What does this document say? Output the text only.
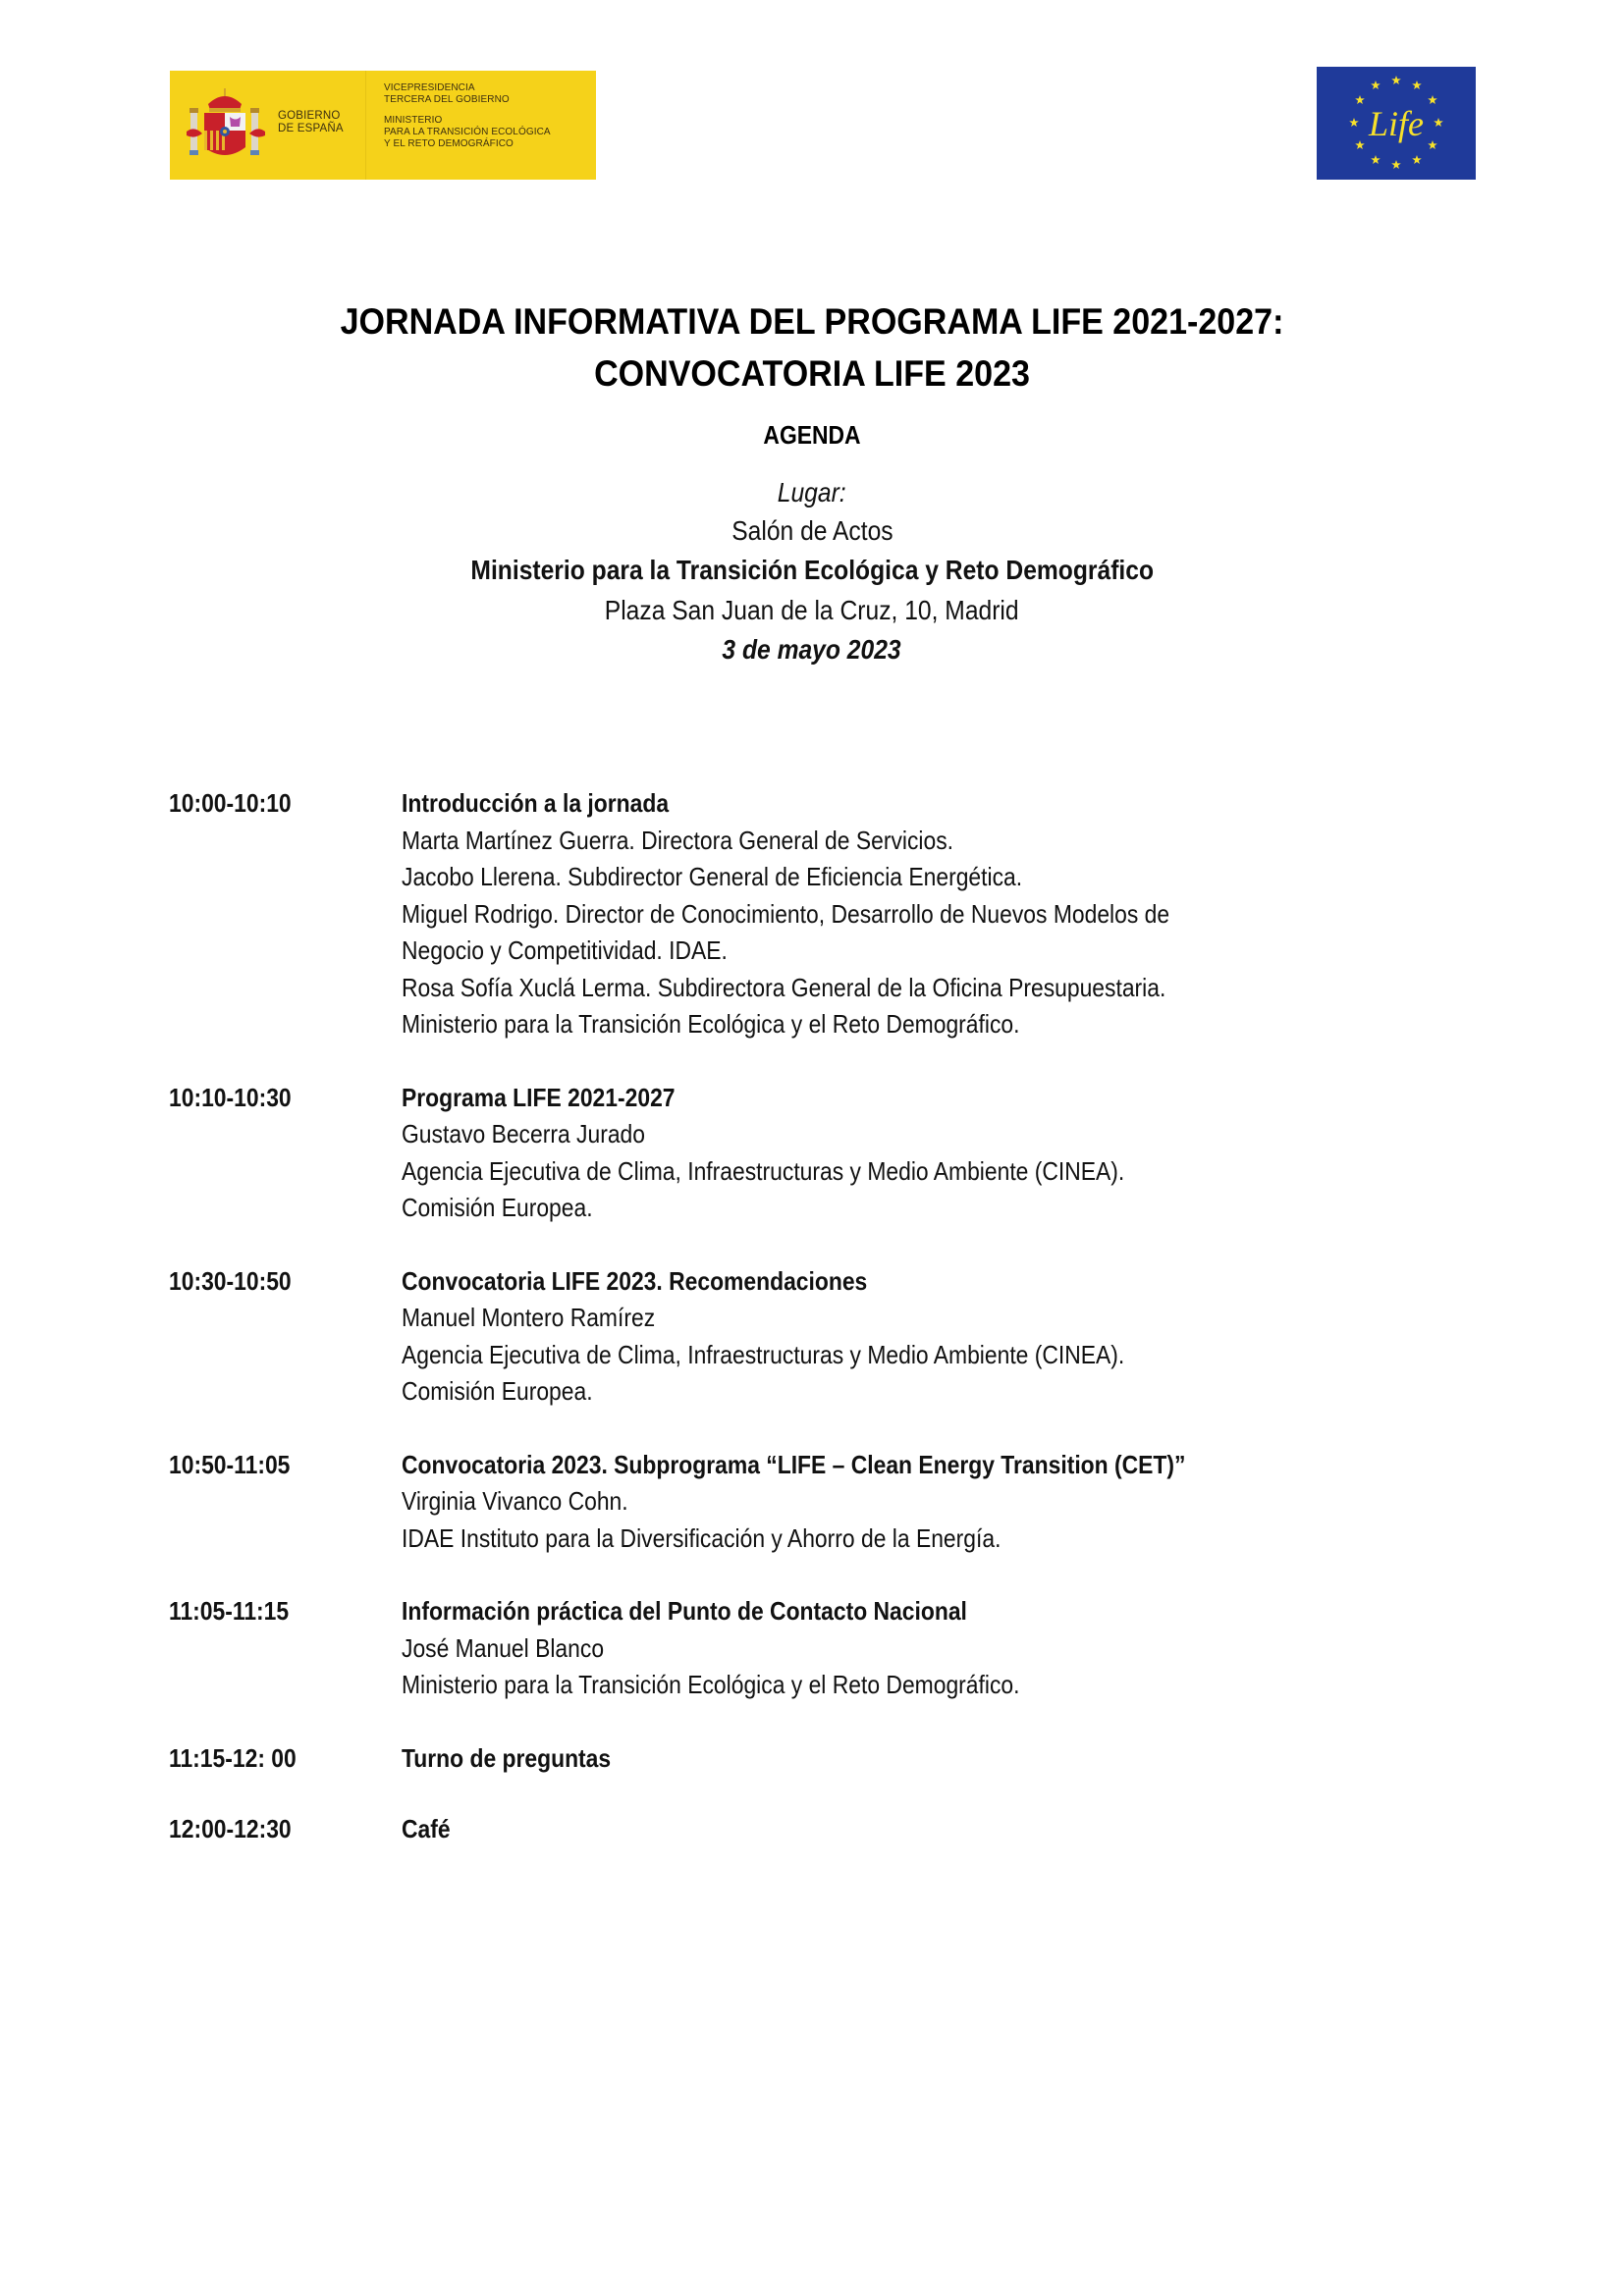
GOBIERNO
DE ESPAÑA
VICEPRESIDENCIA
TERCERA DEL GOBIERNO
MINISTERIO
PARA LA TRANSICIÓN ECOLÓGICA
Y EL RETO DEMOGRÁFICO
Life
JORNADA INFORMATIVA DEL PROGRAMA LIFE 2021-2027:
CONVOCATORIA LIFE 2023
AGENDA
Lugar:
Salón de Actos
Ministerio para la Transición Ecológica y Reto Demográfico
Plaza San Juan de la Cruz, 10, Madrid
3 de mayo 2023
10:00-10:10	Introducción a la jornada
Marta Martínez Guerra. Directora General de Servicios.
Jacobo Llerena. Subdirector General de Eficiencia Energética.
Miguel Rodrigo. Director de Conocimiento, Desarrollo de Nuevos Modelos de
Negocio y Competitividad. IDAE.
Rosa Sofía Xuclá Lerma. Subdirectora General de la Oficina Presupuestaria.
Ministerio para la Transición Ecológica y el Reto Demográfico.
10:10-10:30	Programa LIFE 2021-2027
Gustavo Becerra Jurado
Agencia Ejecutiva de Clima, Infraestructuras y Medio Ambiente (CINEA).
Comisión Europea.
10:30-10:50	Convocatoria LIFE 2023. Recomendaciones
Manuel Montero Ramírez
Agencia Ejecutiva de Clima, Infraestructuras y Medio Ambiente (CINEA).
Comisión Europea.
10:50-11:05	Convocatoria 2023. Subprograma “LIFE – Clean Energy Transition (CET)”
Virginia Vivanco Cohn.
IDAE Instituto para la Diversificación y Ahorro de la Energía.
11:05-11:15	Información práctica del Punto de Contacto Nacional
José Manuel Blanco
Ministerio para la Transición Ecológica y el Reto Demográfico.
11:15-12: 00	Turno de preguntas
12:00-12:30	Café
